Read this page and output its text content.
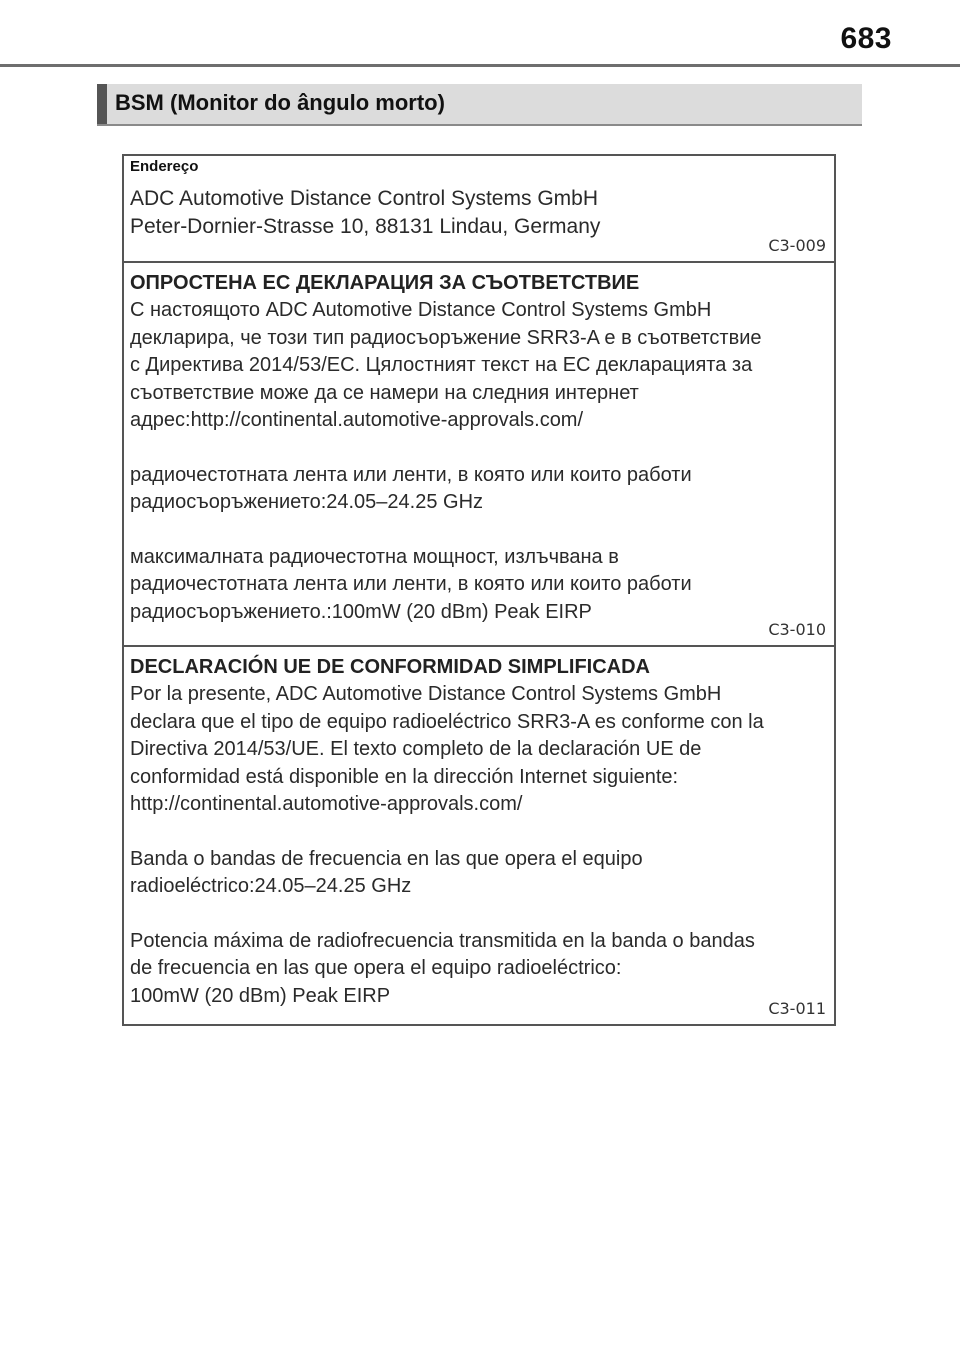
683
BSM (Monitor do ângulo morto)
Endereço
ADC Automotive Distance Control Systems GmbH
Peter-Dornier-Strasse 10, 88131 Lindau, Germany
C3-009
ОПРОСТЕНА ЕС ДЕКЛАРАЦИЯ ЗА СЪОТВЕТСТВИЕ
С настоящото ADC Automotive Distance Control Systems GmbH
декларира, че този тип радиосъоръжение SRR3-A е в съответствие
с Директива 2014/53/ЕС. Цялостният текст на ЕС декларацията за
съответствие може да се намери на следния интернет
адрес:http://continental.automotive-approvals.com/
радиочестотната лента или ленти, в която или които работи
радиосъоръжението:24.05–24.25 GHz
максималната радиочестотна мощност, излъчвана в
радиочестотната лента или ленти, в която или които работи
радиосъоръжението.:100mW (20 dBm) Peak EIRP
C3-010
DECLARACIÓN UE DE CONFORMIDAD SIMPLIFICADA
Por la presente, ADC Automotive Distance Control Systems GmbH
declara que el tipo de equipo radioeléctrico SRR3-A es conforme con la
Directiva 2014/53/UE. El texto completo de la declaración UE de
conformidad está disponible en la dirección Internet siguiente:
http://continental.automotive-approvals.com/
Banda o bandas de frecuencia en las que opera el equipo
radioeléctrico:24.05–24.25 GHz
Potencia máxima de radiofrecuencia transmitida en la banda o bandas
de frecuencia en las que opera el equipo radioeléctrico:
100mW (20 dBm) Peak EIRP
C3-011
